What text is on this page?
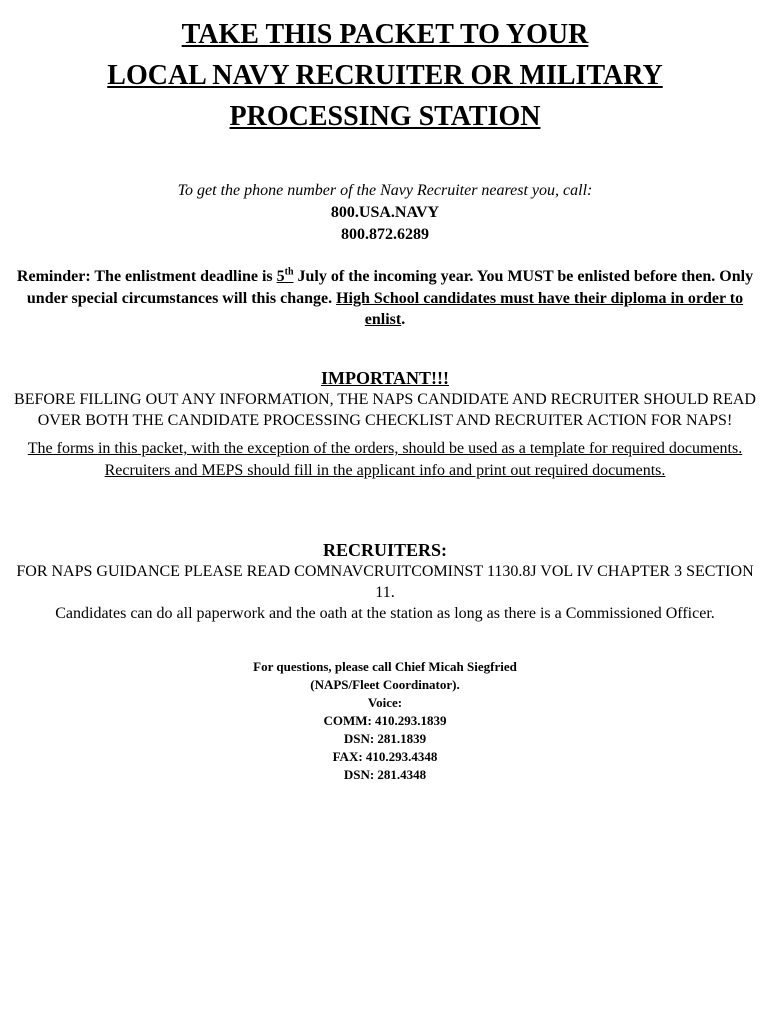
TAKE THIS PACKET TO YOUR
LOCAL NAVY RECRUITER OR MILITARY
PROCESSING STATION
To get the phone number of the Navy Recruiter nearest you, call:
800.USA.NAVY
800.872.6289
Reminder: The enlistment deadline is 5th July of the incoming year. You MUST be enlisted before then. Only under special circumstances will this change. High School candidates must have their diploma in order to enlist.
IMPORTANT!!!
BEFORE FILLING OUT ANY INFORMATION, THE NAPS CANDIDATE AND RECRUITER SHOULD READ OVER BOTH THE CANDIDATE PROCESSING CHECKLIST AND RECRUITER ACTION FOR NAPS!
The forms in this packet, with the exception of the orders, should be used as a template for required documents. Recruiters and MEPS should fill in the applicant info and print out required documents.
RECRUITERS:
FOR NAPS GUIDANCE PLEASE READ COMNAVCRUITCOMINST 1130.8J VOL IV CHAPTER 3 SECTION 11.
Candidates can do all paperwork and the oath at the station as long as there is a Commissioned Officer.
For questions, please call Chief Micah Siegfried
(NAPS/Fleet Coordinator).
Voice:
COMM: 410.293.1839
DSN: 281.1839
FAX: 410.293.4348
DSN: 281.4348
